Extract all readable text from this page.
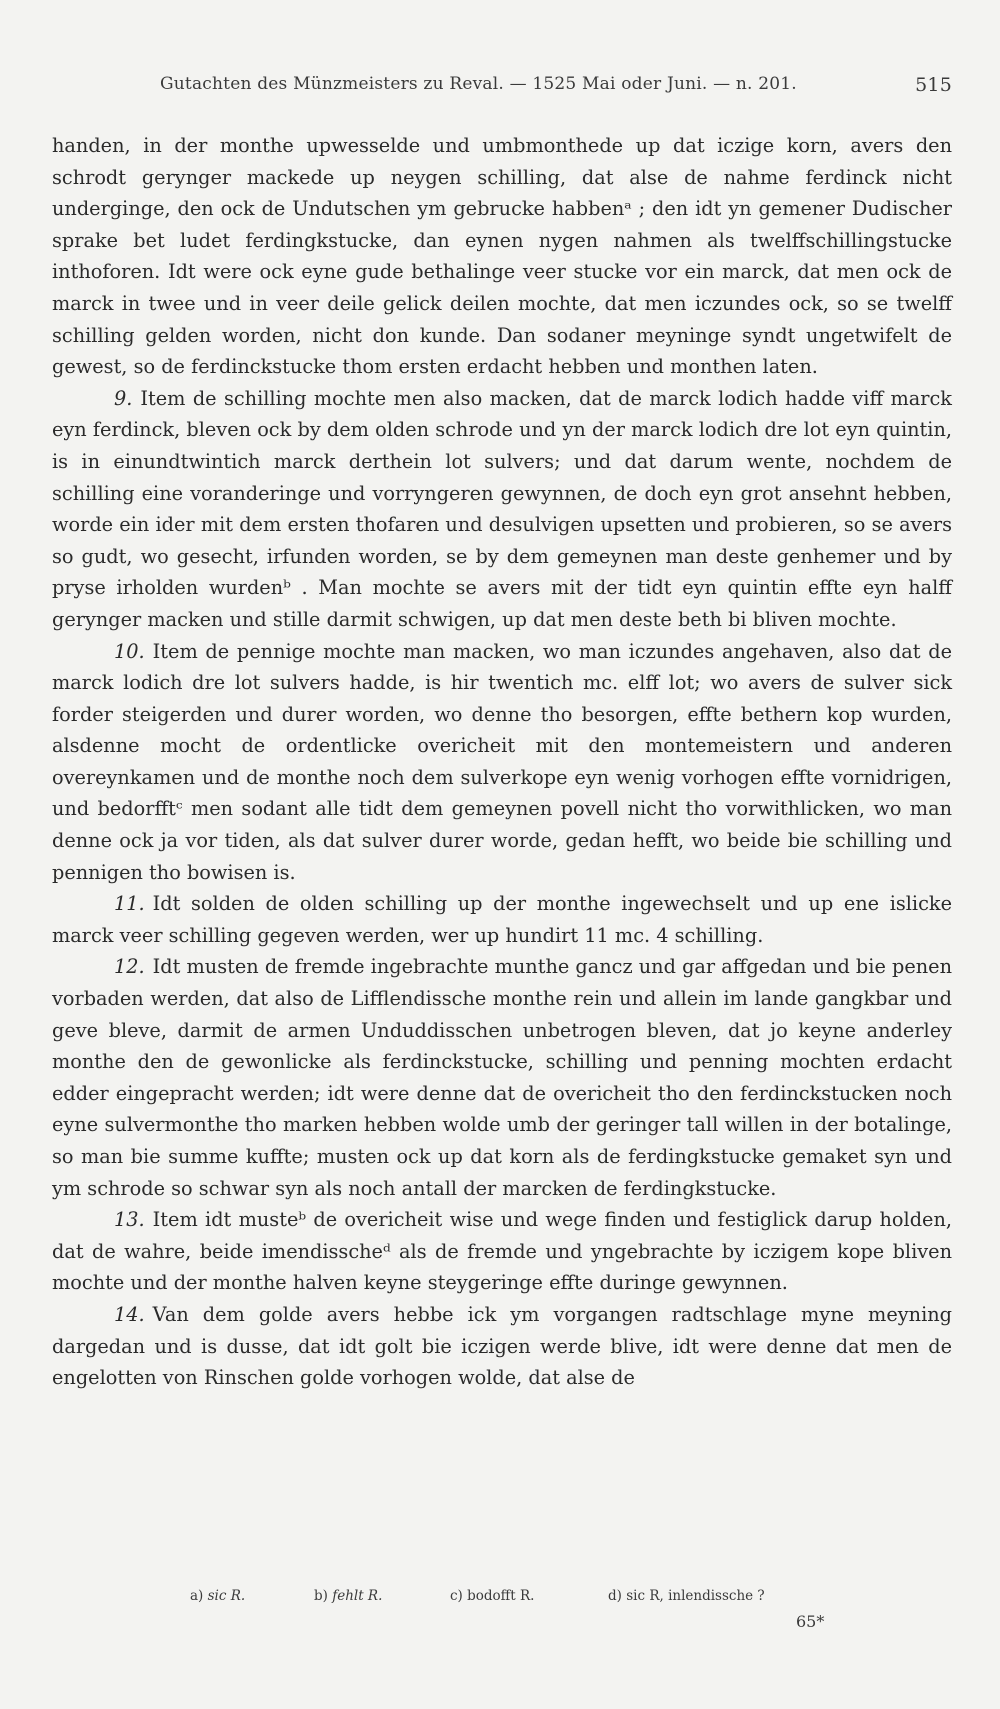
Gutachten des Münzmeisters zu Reval. — 1525 Mai oder Juni. — n. 201.	515

handen, in der monthe upwesselde und umbmonthede up dat iczige korn, avers den schrodt gerynger mackede up neygen schilling, dat alse de nahme ferdinck nicht underginge, den ock de Undutschen ym gebrucke habbenᵃ ; den idt yn gemener Dudischer sprake bet ludet ferdingkstucke, dan eynen nygen nahmen als twelffschillingstucke inthoforen. Idt were ock eyne gude bethalinge veer stucke vor ein marck, dat men ock de marck in twee und in veer deile gelick deilen mochte, dat men iczundes ock, so se twelff schilling gelden worden, nicht don kunde. Dan sodaner meyninge syndt ungetwifelt de gewest, so de ferdinckstucke thom ersten erdacht hebben und monthen laten.

9. Item de schilling mochte men also macken, dat de marck lodich hadde viff marck eyn ferdinck, bleven ock by dem olden schrode und yn der marck lodich dre lot eyn quintin, is in einundtwintich marck derthein lot sulvers; und dat darum wente, nochdem de schilling eine voranderinge und vorryngeren gewynnen, de doch eyn grot ansehnt hebben, worde ein ider mit dem ersten thofaren und desulvigen upsetten und probieren, so se avers so gudt, wo gesecht, irfunden worden, se by dem gemeynen man deste genhemer und by pryse irholden wurdenᵇ . Man mochte se avers mit der tidt eyn quintin effte eyn halff gerynger macken und stille darmit schwigen, up dat men deste beth bi bliven mochte.

10. Item de pennige mochte man macken, wo man iczundes angehaven, also dat de marck lodich dre lot sulvers hadde, is hir twentich mc. elff lot; wo avers de sulver sick forder steigerden und durer worden, wo denne tho besorgen, effte bethern kop wurden, alsdenne mocht de ordentlicke overicheit mit den montemeistern und anderen overeynkamen und de monthe noch dem sulverkope eyn wenig vorhogen effte vornidrigen, und bedorfftᶜ men sodant alle tidt dem gemeynen povell nicht tho vorwithlicken, wo man denne ock ja vor tiden, als dat sulver durer worde, gedan hefft, wo beide bie schilling und pennigen tho bowisen is.

11. Idt solden de olden schilling up der monthe ingewechselt und up ene islicke marck veer schilling gegeven werden, wer up hundirt 11 mc. 4 schilling.

12. Idt musten de fremde ingebrachte munthe gancz und gar affgedan und bie penen vorbaden werden, dat also de Lifflendissche monthe rein und allein im lande gangkbar und geve bleve, darmit de armen Unduddisschen unbetrogen bleven, dat jo keyne anderley monthe den de gewonlicke als ferdinckstucke, schilling und penning mochten erdacht edder eingepracht werden; idt were denne dat de overicheit tho den ferdinckstucken noch eyne sulvermonthe tho marken hebben wolde umb der geringer tall willen in der botalinge, so man bie summe kuffte; musten ock up dat korn als de ferdingkstucke gemaket syn und ym schrode so schwar syn als noch antall der marcken de ferdingkstucke.

13. Item idt musteᵇ de overicheit wise und wege finden und festiglick darup holden, dat de wahre, beide imendisscheᵈ als de fremde und yngebrachte by iczigem kope bliven mochte und der monthe halven keyne steygeringe effte duringe gewynnen.

14. Van dem golde avers hebbe ick ym vorgangen radtschlage myne meyning dargedan und is dusse, dat idt golt bie iczigen werde blive, idt were denne dat men de engelotten von Rinschen golde vorhogen wolde, dat alse de

a) sic R.	b) fehlt R.	c) bodofft R.	d) sic R, inlendissche ?
65*
